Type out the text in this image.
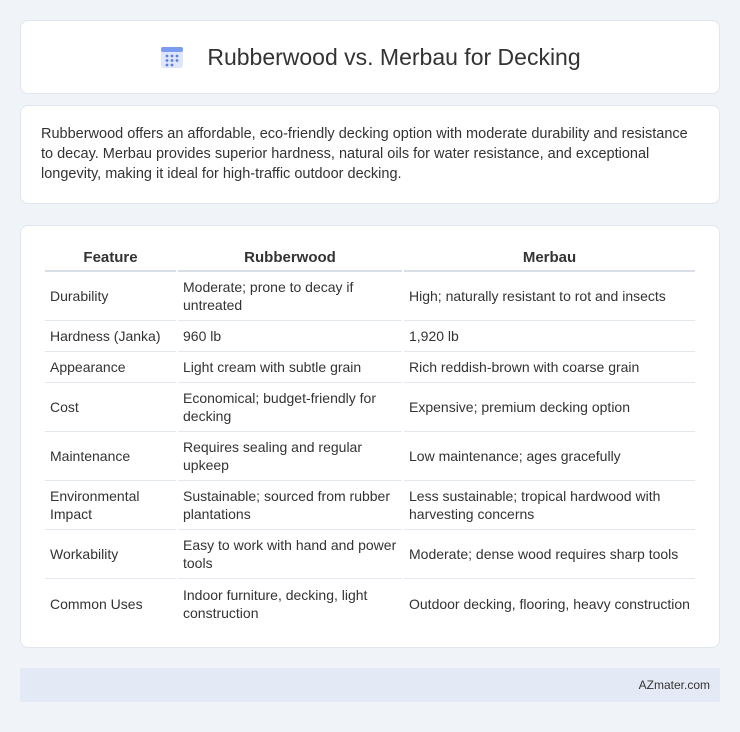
Rubberwood vs. Merbau for Decking

Rubberwood offers an affordable, eco-friendly decking option with moderate durability and resistance to decay. Merbau provides superior hardness, natural oils for water resistance, and exceptional longevity, making it ideal for high-traffic outdoor decking.

Feature	Rubberwood	Merbau
Durability	Moderate; prone to decay if untreated	High; naturally resistant to rot and insects
Hardness (Janka)	960 lb	1,920 lb
Appearance	Light cream with subtle grain	Rich reddish-brown with coarse grain
Cost	Economical; budget-friendly for decking	Expensive; premium decking option
Maintenance	Requires sealing and regular upkeep	Low maintenance; ages gracefully
Environmental Impact	Sustainable; sourced from rubber plantations	Less sustainable; tropical hardwood with harvesting concerns
Workability	Easy to work with hand and power tools	Moderate; dense wood requires sharp tools
Common Uses	Indoor furniture, decking, light construction	Outdoor decking, flooring, heavy construction
AZmater.com
